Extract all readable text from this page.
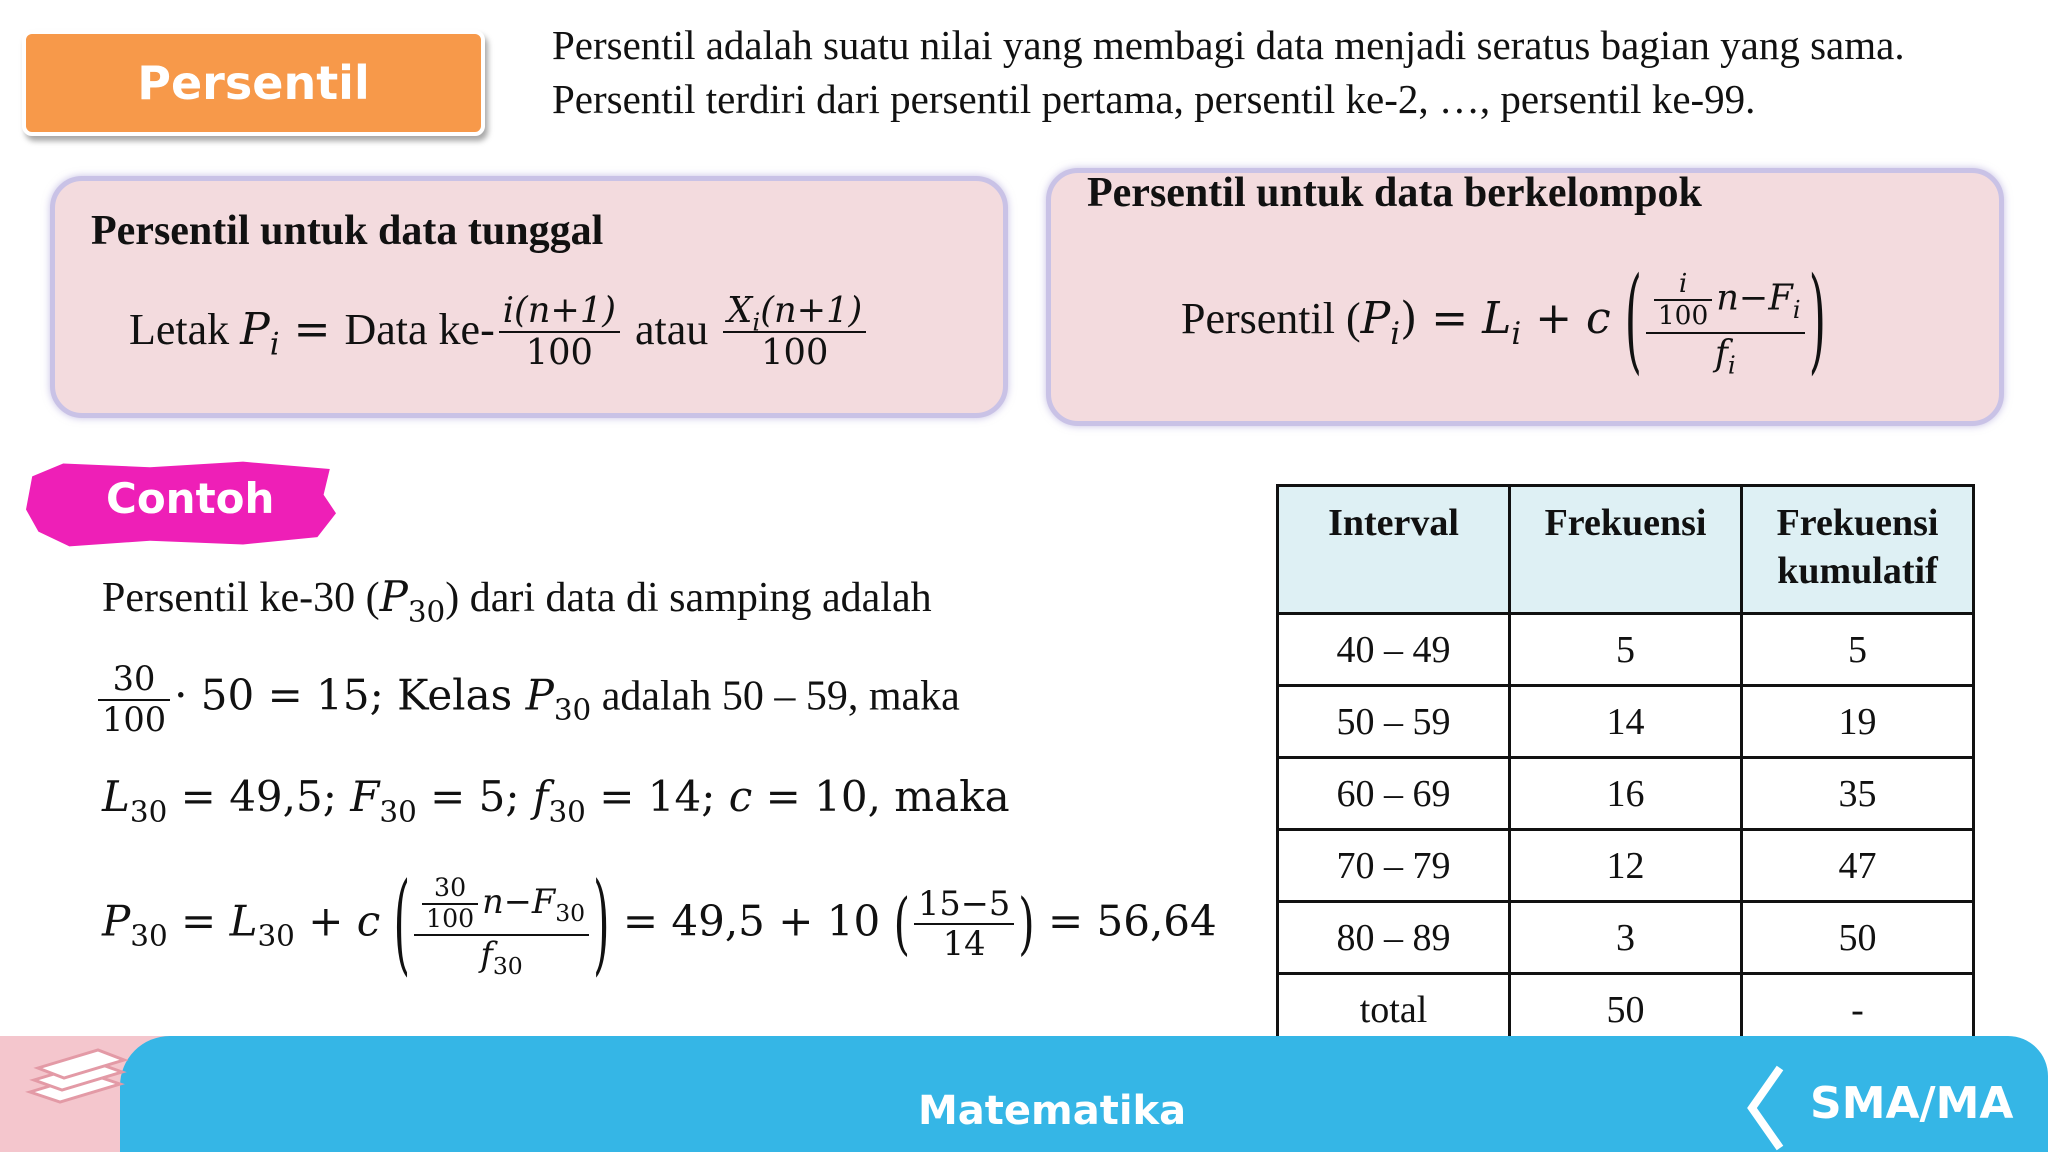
Persentil
Persentil adalah suatu nilai yang membagi data menjadi seratus bagian yang sama. Persentil terdiri dari persentil pertama, persentil ke-2, …, persentil ke-99.
Persentil untuk data tunggal
Letak $P_i$ = Data $ke- \frac{i(n+1)}{100}$ atau $\frac{X_i(n+1)}{100}$
Persentil untuk data berkelompok
Persentil $(P_i) = L_i + c$ ( $\frac{\frac{i}{100} n-F_i}{f_i}$ )
Contoh
Persentil ke-30 $(P_{30})$ dari data di samping adalah
$\frac{30}{100} \cdot 50 = 15$; Kelas $P_{30}$ adalah 50 – 59, maka
$L_{30} = 49,5$; $F_{30} = 5$; $f_{30} = 14$; c = 10, maka
$P_{30} = L_{30} + c$ ( $\frac{\frac{30}{100} n-F_{30}}{f_{30}}$ ) = 49,5 + 10 ( $\frac{15-5}{14}$ ) = 56,64
Interval	Frekuensi	Frekuensi kumulatif
40 – 49	5	5
50 – 59	14	19
60 – 69	16	35
70 – 79	12	47
80 – 89	3	50
total	50	-
Matematika	SMA/MA
